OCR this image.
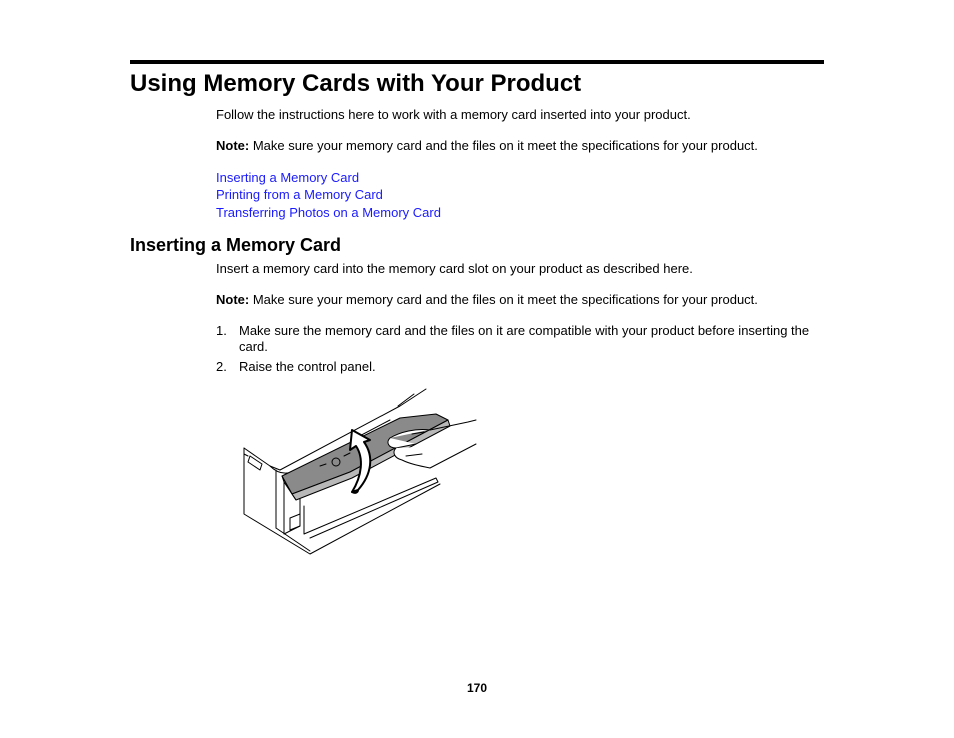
Using Memory Cards with Your Product

Follow the instructions here to work with a memory card inserted into your product.

Note: Make sure your memory card and the files on it meet the specifications for your product.

Inserting a Memory Card
Printing from a Memory Card
Transferring Photos on a Memory Card
Inserting a Memory Card

Insert a memory card into the memory card slot on your product as described here.

Note: Make sure your memory card and the files on it meet the specifications for your product.

1. Make sure the memory card and the files on it are compatible with your product before inserting the card.
2. Raise the control panel.
170
